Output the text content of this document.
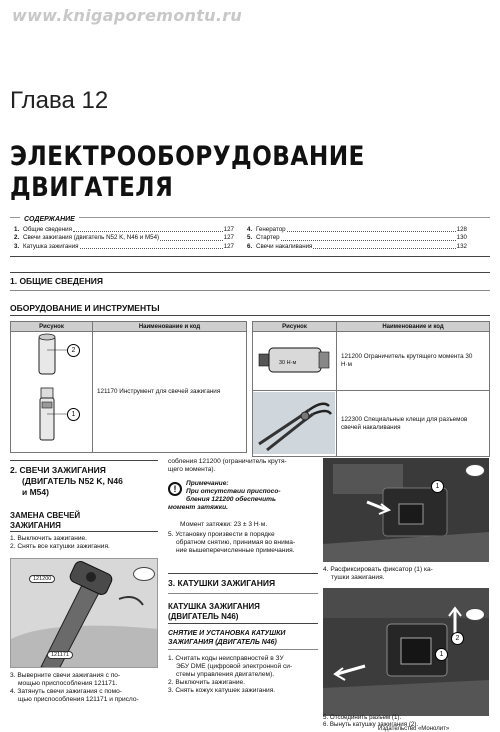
www.knigaporemontu.ru
Глава 12
ЭЛЕКТРООБОРУДОВАНИЕ
ДВИГАТЕЛЯ
СОДЕРЖАНИЕ
1. Общие сведения	127
2. Свечи зажигания (двигатель N52 K, N46 и M54)	127
3. Катушка зажигания	127
4. Генератор	128
5. Стартер	130
6. Свечи накаливания	132
1. ОБЩИЕ СВЕДЕНИЯ
ОБОРУДОВАНИЕ И ИНСТРУМЕНТЫ
Рисунок	Наименование и код

2
1	121170 Инструмент для свечей зажигания
Рисунок	Наименование и код

30 Н·м	121200 Ограничитель крутящего момента 30 Н·м
	122300 Специальные клещи для разъемов свечей накаливания
2. СВЕЧИ ЗАЖИГАНИЯ
(ДВИГАТЕЛЬ N52 K, N46
и M54)
ЗАМЕНА СВЕЧЕЙ
ЗАЖИГАНИЯ
1. Выключить зажигание.
2. Снять все катушки зажигания.
121200
121171
3. Выверните свечи зажигания с по-
мощью приспособления 121171.
4. Затянуть свечи зажигания с помо-
щью приспособления 121171 и присло-
собления 121200 (ограничитель крутя-
щего момента).
!
Примечание:
При отсутствии приспосо-
бления 121200 обеспечить
момент затяжки.
Момент затяжки: 23 ± 3 Н·м.
5. Установку произвести в порядке
обратном снятию, принимая во внима-
ние вышеперечисленные примечания.
3. КАТУШКИ ЗАЖИГАНИЯ
КАТУШКА ЗАЖИГАНИЯ
(ДВИГАТЕЛЬ N46)
СНЯТИЕ И УСТАНОВКА КАТУШКИ
ЗАЖИГАНИЯ (ДВИГАТЕЛЬ N46)
1. Считать коды неисправностей в ЗУ
ЭБУ DME (цифровой электронной си-
стемы управления двигателем).
2. Выключить зажигание.
3. Снять кожух катушек зажигания.
1
4. Расфиксировать фиксатор (1) ка-
тушки зажигания.
2
1
5. Отсоединить разъем (1).
6. Вынуть катушку зажигания (2).
Издательство «Монолит»
